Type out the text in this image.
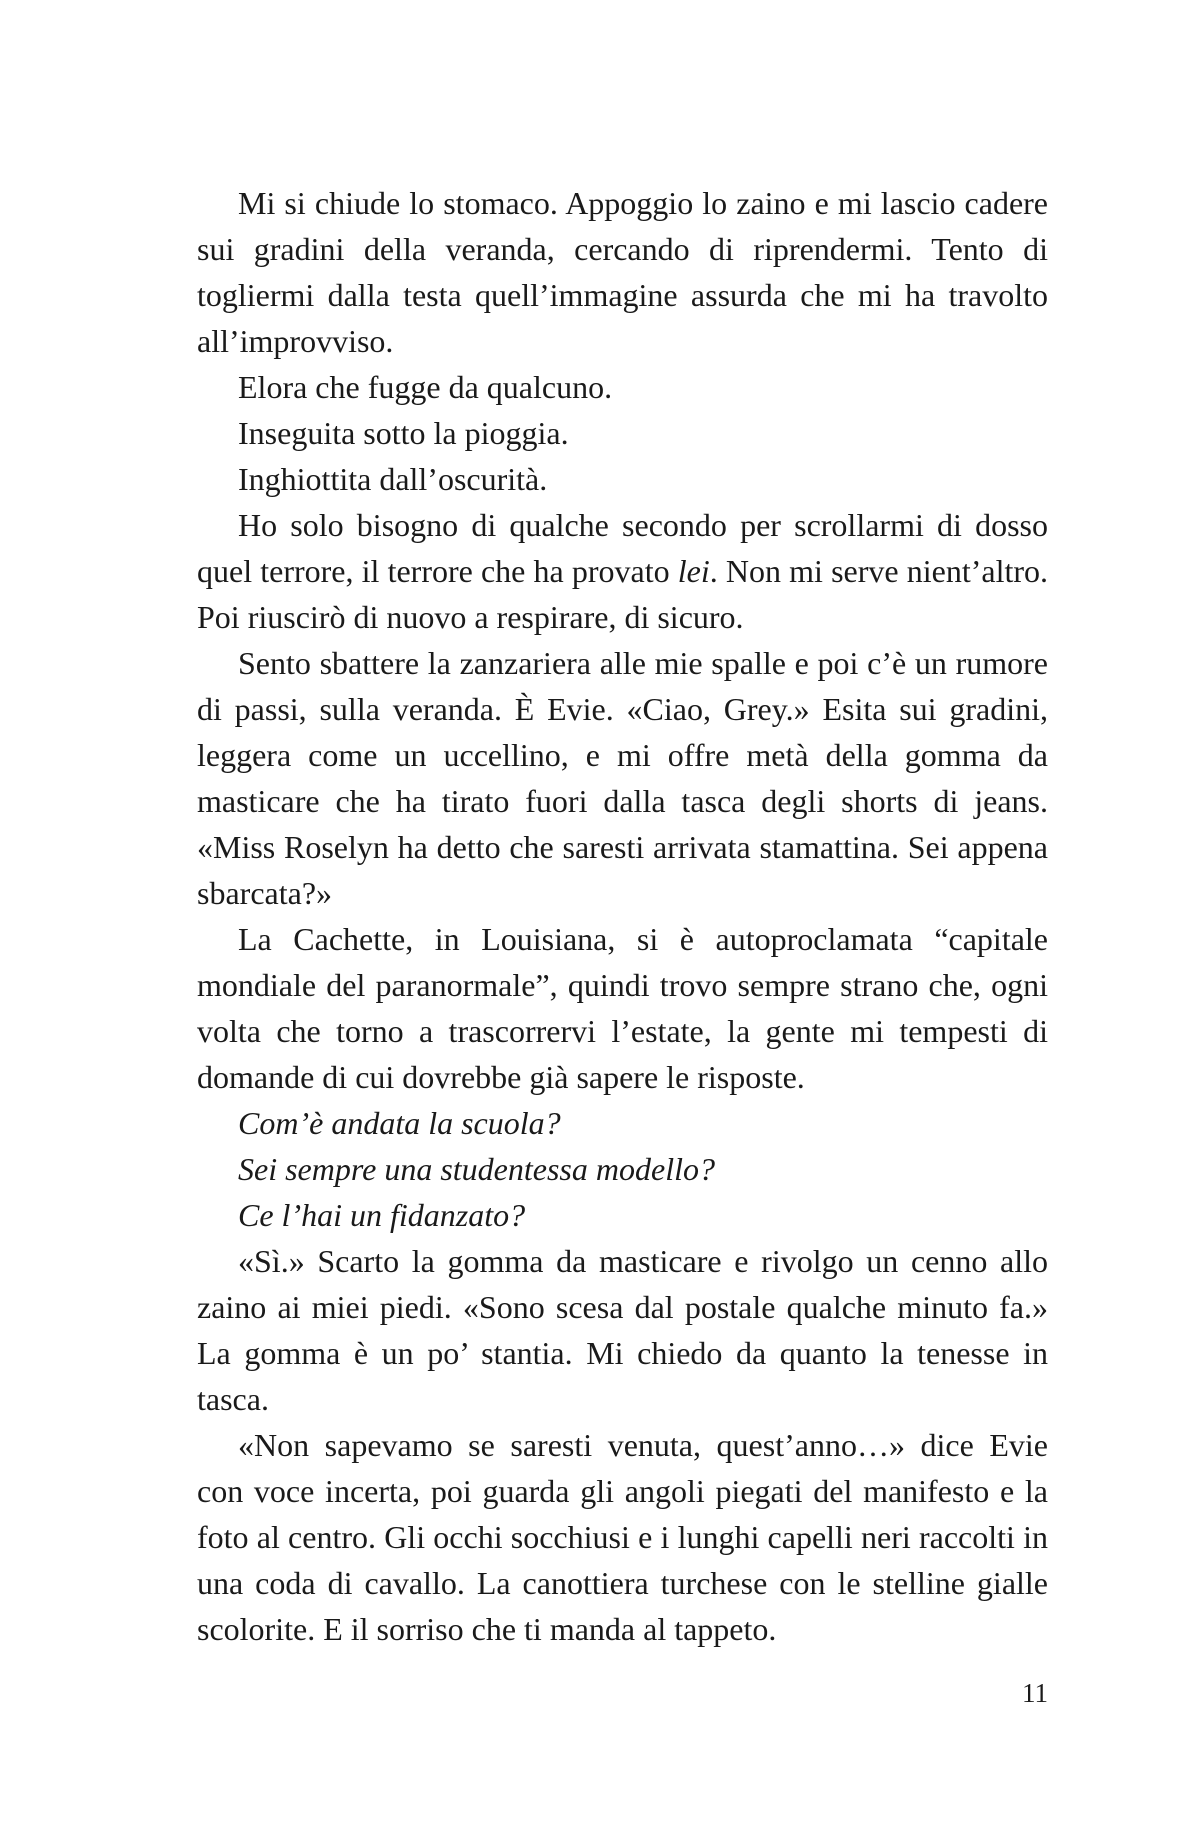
Mi si chiude lo stomaco. Appoggio lo zaino e mi lascio cadere sui gradini della veranda, cercando di riprendermi. Tento di togliermi dalla testa quell’immagine assurda che mi ha travolto all’improvviso.

Elora che fugge da qualcuno.

Inseguita sotto la pioggia.

Inghiottita dall’oscurità.

Ho solo bisogno di qualche secondo per scrollarmi di dosso quel terrore, il terrore che ha provato lei. Non mi serve nient’altro. Poi riuscirò di nuovo a respirare, di sicuro.

Sento sbattere la zanzariera alle mie spalle e poi c’è un rumore di passi, sulla veranda. È Evie. «Ciao, Grey.» Esita sui gradini, leggera come un uccellino, e mi offre metà della gomma da masticare che ha tirato fuori dalla tasca degli shorts di jeans. «Miss Roselyn ha detto che saresti arrivata stamattina. Sei appena sbarcata?»

La Cachette, in Louisiana, si è autoproclamata “capitale mondiale del paranormale”, quindi trovo sempre strano che, ogni volta che torno a trascorrervi l’estate, la gente mi tempesti di domande di cui dovrebbe già sapere le risposte.

Com’è andata la scuola?

Sei sempre una studentessa modello?

Ce l’hai un fidanzato?

«Sì.» Scarto la gomma da masticare e rivolgo un cenno allo zaino ai miei piedi. «Sono scesa dal postale qualche minuto fa.» La gomma è un po’ stantia. Mi chiedo da quanto la tenesse in tasca.

«Non sapevamo se saresti venuta, quest’anno…» dice Evie con voce incerta, poi guarda gli angoli piegati del manifesto e la foto al centro. Gli occhi socchiusi e i lunghi capelli neri raccolti in una coda di cavallo. La canottiera turchese con le stelline gialle scolorite. E il sorriso che ti manda al tappeto.

11
